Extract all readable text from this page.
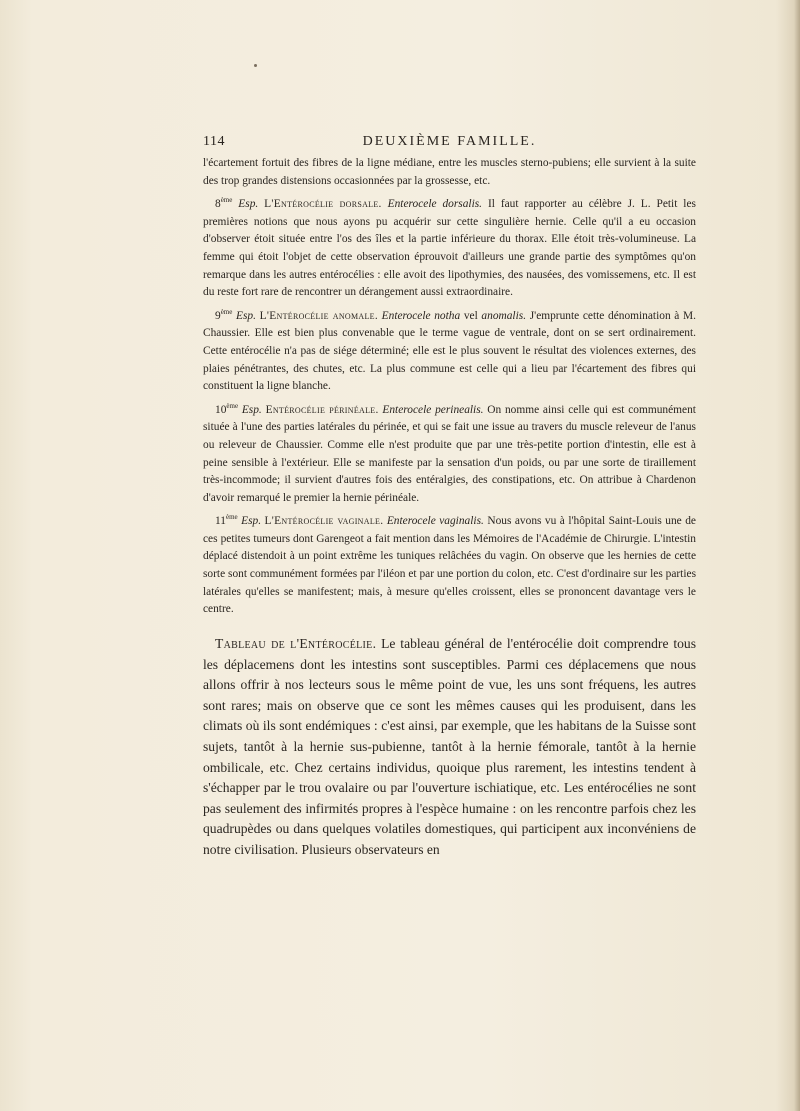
114	DEUXIÈME FAMILLE.

l'écartement fortuit des fibres de la ligne médiane, entre les muscles sterno-pubiens; elle survient à la suite des trop grandes distensions occasionnées par la grossesse, etc.

8ème Esp. L'Entérocélie dorsale. Enterocele dorsalis. Il faut rapporter au célèbre J. L. Petit les premières notions que nous ayons pu acquérir sur cette singulière hernie. Celle qu'il a eu occasion d'observer étoit située entre l'os des îles et la partie inférieure du thorax. Elle étoit très-volumineuse. La femme qui étoit l'objet de cette observation éprouvoit d'ailleurs une grande partie des symptômes qu'on remarque dans les autres entérocélies : elle avoit des lipothymies, des nausées, des vomissemens, etc. Il est du reste fort rare de rencontrer un dérangement aussi extraordinaire.

9ème Esp. L'Entérocélie anomale. Enterocele notha vel anomalis. J'emprunte cette dénomination à M. Chaussier. Elle est bien plus convenable que le terme vague de ventrale, dont on se sert ordinairement. Cette entérocélie n'a pas de siége déterminé; elle est le plus souvent le résultat des violences externes, des plaies pénétrantes, des chutes, etc. La plus commune est celle qui a lieu par l'écartement des fibres qui constituent la ligne blanche.

10ème Esp. Entérocélie périnéale. Enterocele perinealis. On nomme ainsi celle qui est communément située à l'une des parties latérales du périnée, et qui se fait une issue au travers du muscle releveur de l'anus ou releveur de Chaussier. Comme elle n'est produite que par une très-petite portion d'intestin, elle est à peine sensible à l'extérieur. Elle se manifeste par la sensation d'un poids, ou par une sorte de tiraillement très-incommode; il survient d'autres fois des entéralgies, des constipations, etc. On attribue à Chardenon d'avoir remarqué le premier la hernie périnéale.

11ème Esp. L'Entérocélie vaginale. Enterocele vaginalis. Nous avons vu à l'hôpital Saint-Louis une de ces petites tumeurs dont Garengeot a fait mention dans les Mémoires de l'Académie de Chirurgie. L'intestin déplacé distendoit à un point extrême les tuniques relâchées du vagin. On observe que les hernies de cette sorte sont communément formées par l'iléon et par une portion du colon, etc. C'est d'ordinaire sur les parties latérales qu'elles se manifestent; mais, à mesure qu'elles croissent, elles se prononcent davantage vers le centre.

Tableau de l'Entérocélie. Le tableau général de l'entérocélie doit comprendre tous les déplacemens dont les intestins sont susceptibles. Parmi ces déplacemens que nous allons offrir à nos lecteurs sous le même point de vue, les uns sont fréquens, les autres sont rares; mais on observe que ce sont les mêmes causes qui les produisent, dans les climats où ils sont endémiques : c'est ainsi, par exemple, que les habitans de la Suisse sont sujets, tantôt à la hernie sus-pubienne, tantôt à la hernie fémorale, tantôt à la hernie ombilicale, etc. Chez certains individus, quoique plus rarement, les intestins tendent à s'échapper par le trou ovalaire ou par l'ouverture ischiatique, etc. Les entérocélies ne sont pas seulement des infirmités propres à l'espèce humaine : on les rencontre parfois chez les quadrupèdes ou dans quelques volatiles domestiques, qui participent aux inconvéniens de notre civilisation. Plusieurs observateurs en
